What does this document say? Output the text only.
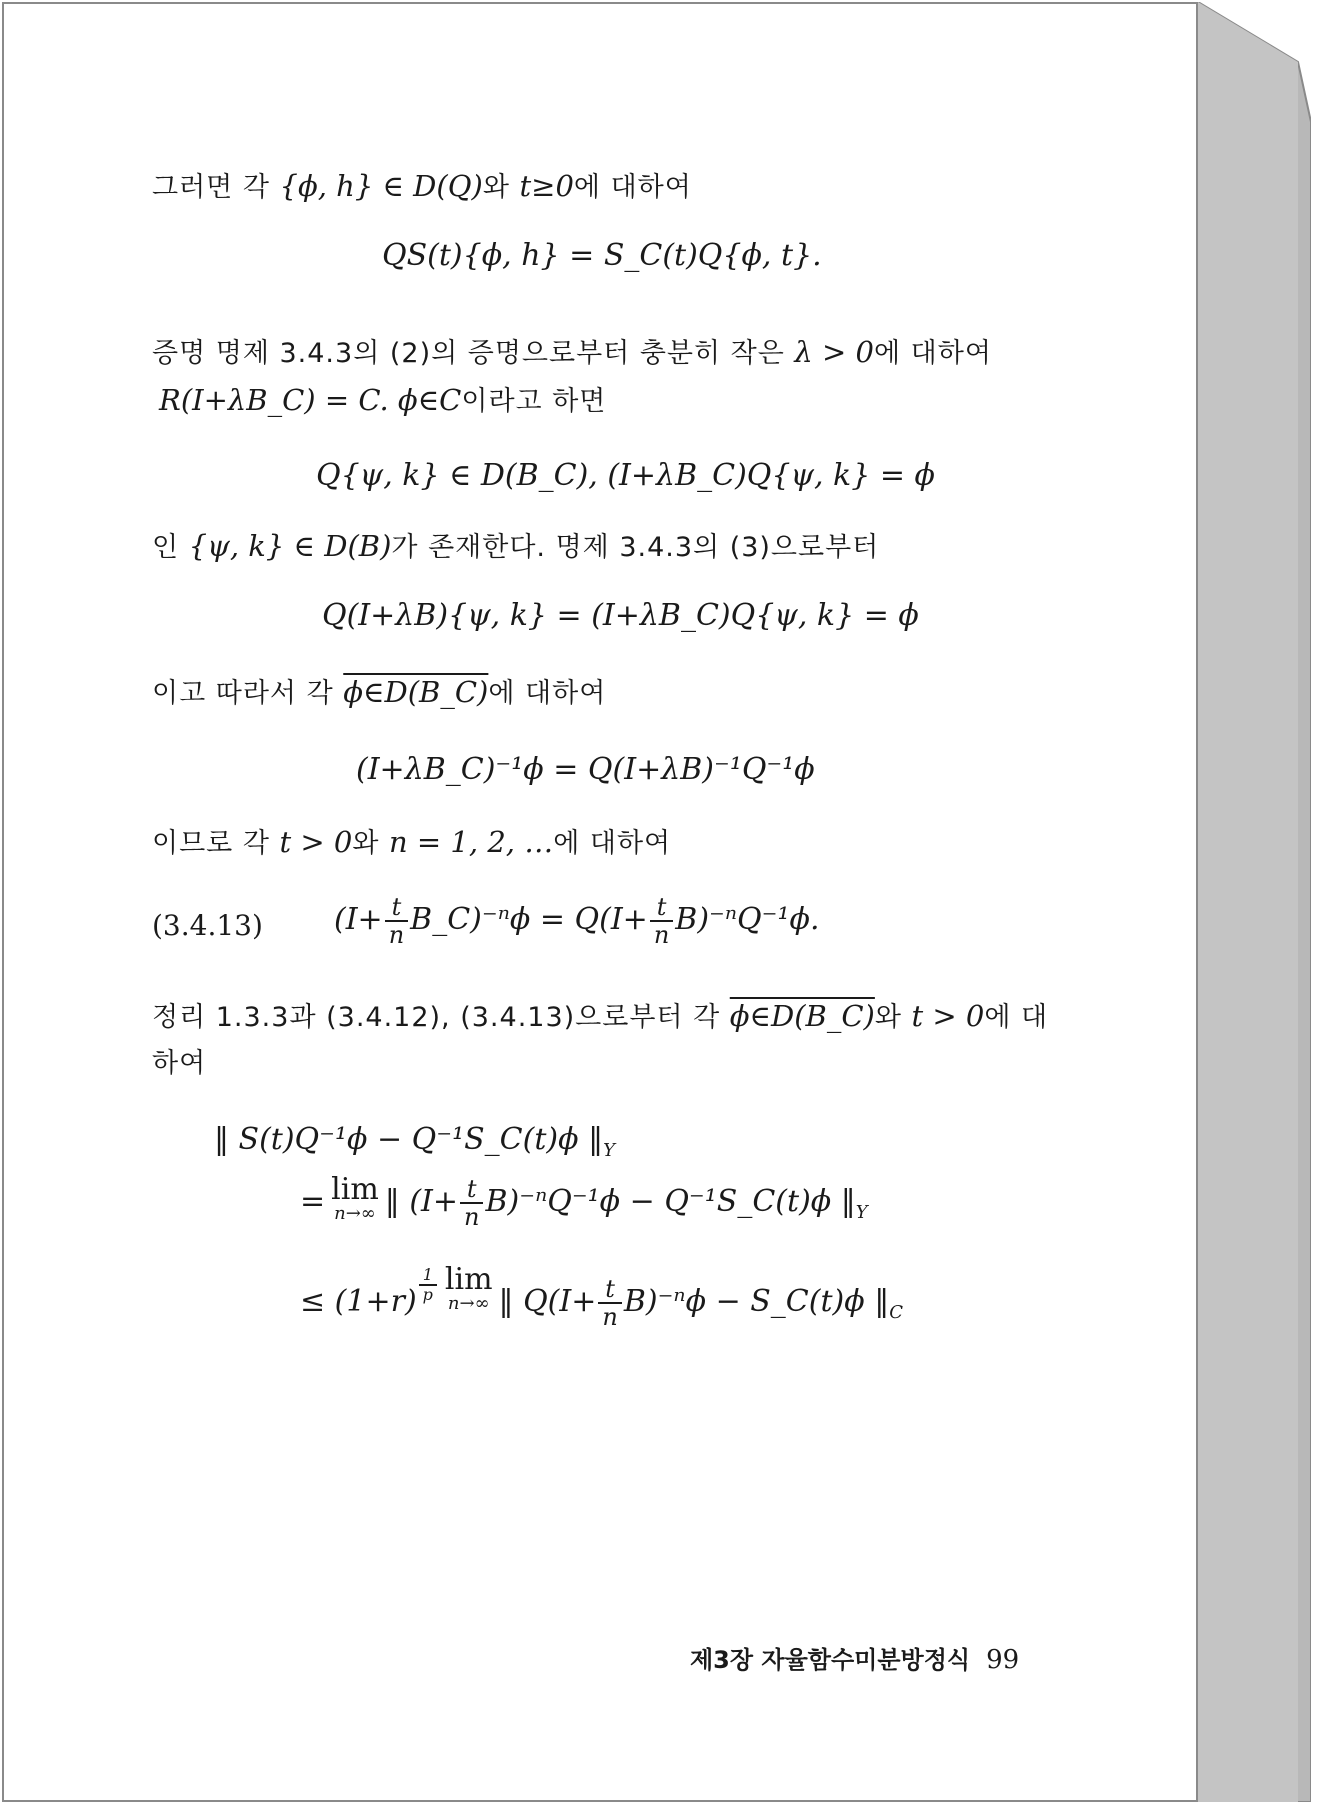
그러면 각 {ϕ, h} ∈ D(Q)와 t≥0에 대하여
QS(t){ϕ, h} = S_C(t)Q{ϕ, t}.
증명 명제 3.4.3의 (2)의 증명으로부터 충분히 작은 λ > 0에 대하여
R(I+λB_C) = C. ϕ∈C이라고 하면
Q{ψ, k} ∈ D(B_C), (I+λB_C)Q{ψ, k} = ϕ
인 {ψ, k} ∈ D(B)가 존재한다. 명제 3.4.3의 (3)으로부터
Q(I+λB){ψ, k} = (I+λB_C)Q{ψ, k} = ϕ
이고 따라서 각 ϕ∈D(B_C)에 대하여
(I+λB_C)⁻¹ϕ = Q(I+λB)⁻¹Q⁻¹ϕ
이므로 각 t > 0와 n = 1, 2, …에 대하여
(3.4.13) ($I+ \frac{t}{n}$ B_C)⁻ⁿϕ = $Q(I+ \frac{t}{n} B)^{-n}Q^{-1}\phi$.
정리 1.3.3과 (3.4.12), (3.4.13)으로부터 각 ϕ∈D(B_C)와 t > 0에 대
하여
‖ S(t)Q⁻¹ϕ − Q⁻¹S_C(t)ϕ $‖_Y$
= lim
n→∞ ‖ $(I+ \frac{t}{n} B)^{-n}Q^{-1}\phi$ − Q⁻¹S_C(t)ϕ $‖_Y$
≤ (1+r) $^{\frac{1}{p}}$ lim
n→∞ ‖ $Q(I+ \frac{t}{n} B)^{-n}\phi$ − S_C(t)ϕ $‖_C$
제3장 자율함수미분방정식 99
